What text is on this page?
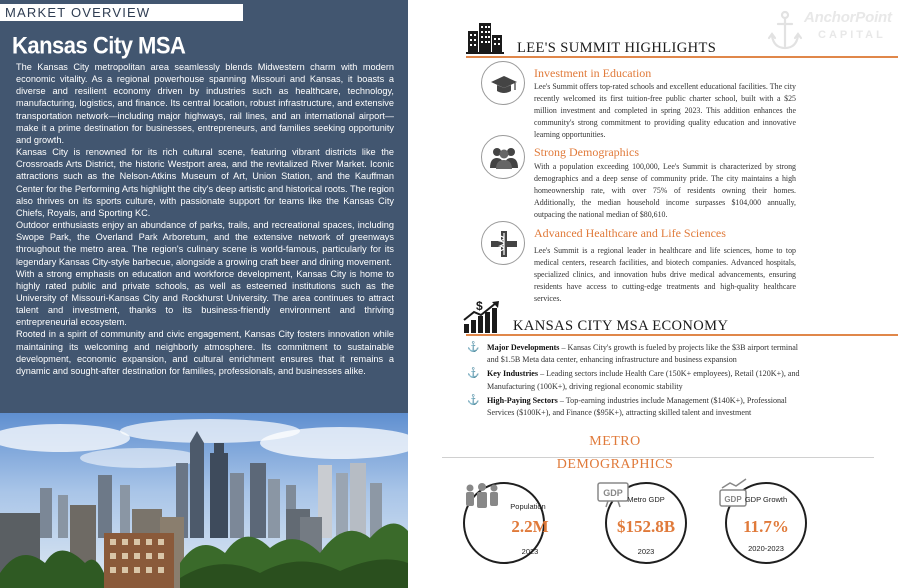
MARKET OVERVIEW
Kansas City MSA

The Kansas City metropolitan area seamlessly blends Midwestern charm with modern economic vitality. As a regional powerhouse spanning Missouri and Kansas, it boasts a diverse and resilient economy driven by industries such as healthcare, technology, manufacturing, logistics, and finance. Its central location, robust infrastructure, and extensive transportation network—including major highways, rail lines, and an international airport—make it a prime destination for businesses, entrepreneurs, and families seeking opportunity and growth.

Kansas City is renowned for its rich cultural scene, featuring vibrant districts like the Crossroads Arts District, the historic Westport area, and the revitalized River Market. Iconic attractions such as the Nelson-Atkins Museum of Art, Union Station, and the Kauffman Center for the Performing Arts highlight the city's deep artistic and historical roots. The region also thrives on its sports culture, with passionate support for teams like the Kansas City Chiefs, Royals, and Sporting KC.

Outdoor enthusiasts enjoy an abundance of parks, trails, and recreational spaces, including Swope Park, the Overland Park Arboretum, and the extensive network of greenways throughout the metro area. The region's culinary scene is world-famous, particularly for its legendary Kansas City-style barbecue, alongside a growing craft beer and dining movement.

With a strong emphasis on education and workforce development, Kansas City is home to highly rated public and private schools, as well as esteemed institutions such as the University of Missouri-Kansas City and Rockhurst University. The area continues to attract talent and investment, thanks to its business-friendly environment and thriving entrepreneurial ecosystem.

Rooted in a spirit of community and civic engagement, Kansas City fosters innovation while maintaining its welcoming and neighborly atmosphere. Its commitment to sustainable development, economic expansion, and cultural enrichment ensures that it remains a dynamic and sought-after destination for families, professionals, and businesses alike.

AnchorPoint
CAPITAL
LEE'S SUMMIT HIGHLIGHTS
Investment in Education
Lee's Summit offers top-rated schools and excellent educational facilities. The city recently welcomed its first tuition-free public charter school, built with a $25 million investment and completed in spring 2023. This addition enhances the community's strong commitment to providing quality education and innovative learning opportunities.
Strong Demographics
With a population exceeding 100,000, Lee's Summit is characterized by strong demographics and a deep sense of community pride. The city maintains a high homeownership rate, with over 75% of residents owning their homes. Additionally, the median household income surpasses $104,000 annually, outpacing the national median of $80,610.
Advanced Healthcare and Life Sciences
Lee's Summit is a regional leader in healthcare and life sciences, home to top medical centers, research facilities, and biotech companies. Advanced hospitals, specialized clinics, and innovation hubs drive medical advancements, ensuring residents have access to cutting-edge treatments and high-quality healthcare services.
$
KANSAS CITY MSA ECONOMY
⚓ Major Developments – Kansas City's growth is fueled by projects like the $3B airport terminal and $1.5B Meta data center, enhancing infrastructure and business expansion
⚓ Key Industries – Leading sectors include Health Care (150K+ employees), Retail (120K+), and Manufacturing (100K+), driving regional economic stability
⚓ High-Paying Sectors – Top-earning industries include Management ($140K+), Professional Services ($100K+), and Finance ($95K+), attracting skilled talent and investment
METRO
DEMOGRAPHICS
Population
2.2M
2023
GDP
Metro GDP
$152.8B
2023
GDP GDP Growth
11.7%
2020-2023
